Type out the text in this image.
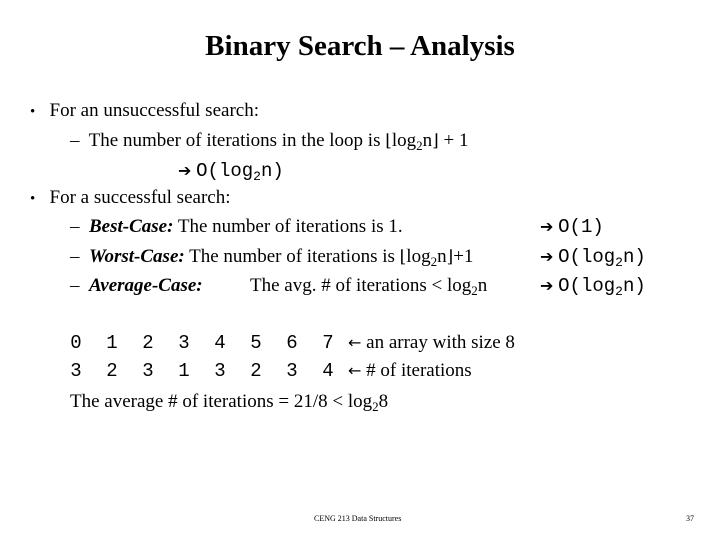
Binary Search – Analysis
• For an unsuccessful search:
– The number of iterations in the loop is $⌊\log_2n⌋ + 1$
➔ $O(\log_2n)$
• For a successful search:
– Best-Case: The number of iterations is 1.	➔ O(1)
– Worst-Case: The number of iterations is $⌊\log_2n⌋+1$	➔ $O(\log_2n)$
– Average-Case: The avg. # of iterations < $\log_2n$	➔ $O(\log_2n)$
0 1 2 3 4 5 6 7 ← an array with size 8
3 2 3 1 3 2 3 4 ← # of iterations
The average # of iterations = $21/8 < \log_28$
CENG 213 Data Structures	37
